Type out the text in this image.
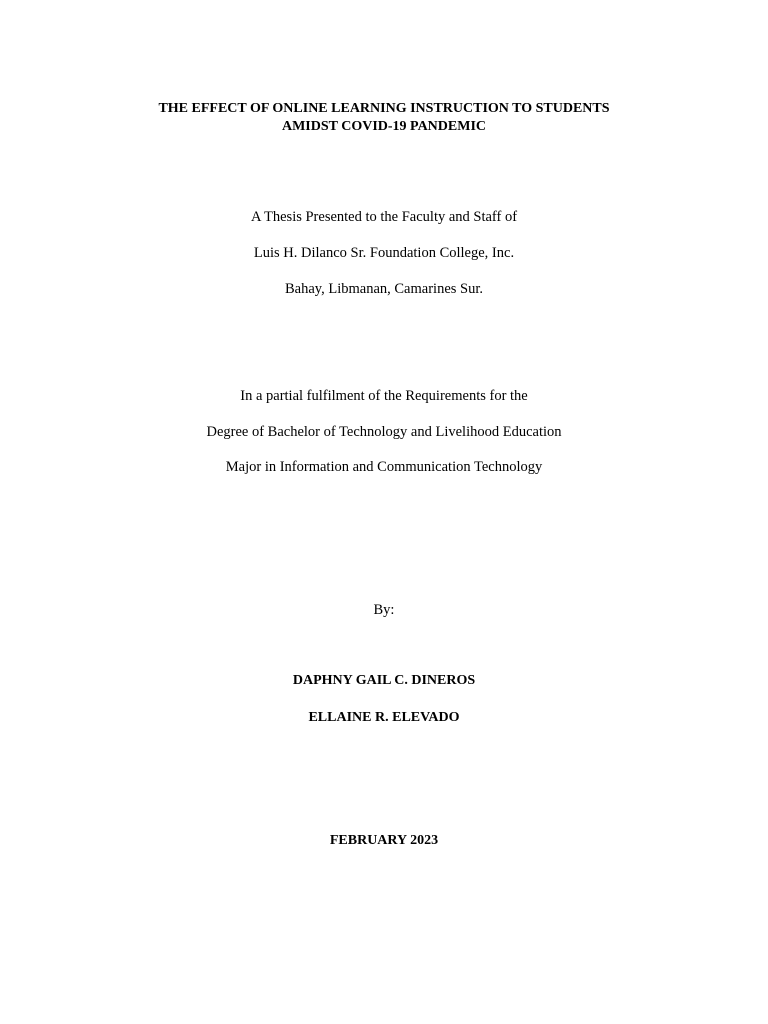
THE EFFECT OF ONLINE LEARNING INSTRUCTION TO STUDENTS
AMIDST COVID-19 PANDEMIC
A Thesis Presented to the Faculty and Staff of
Luis H. Dilanco Sr. Foundation College, Inc.
Bahay, Libmanan, Camarines Sur.
In a partial fulfilment of the Requirements for the
Degree of Bachelor of Technology and Livelihood Education
Major in Information and Communication Technology
By:
DAPHNY GAIL C. DINEROS
ELLAINE R. ELEVADO
FEBRUARY 2023
